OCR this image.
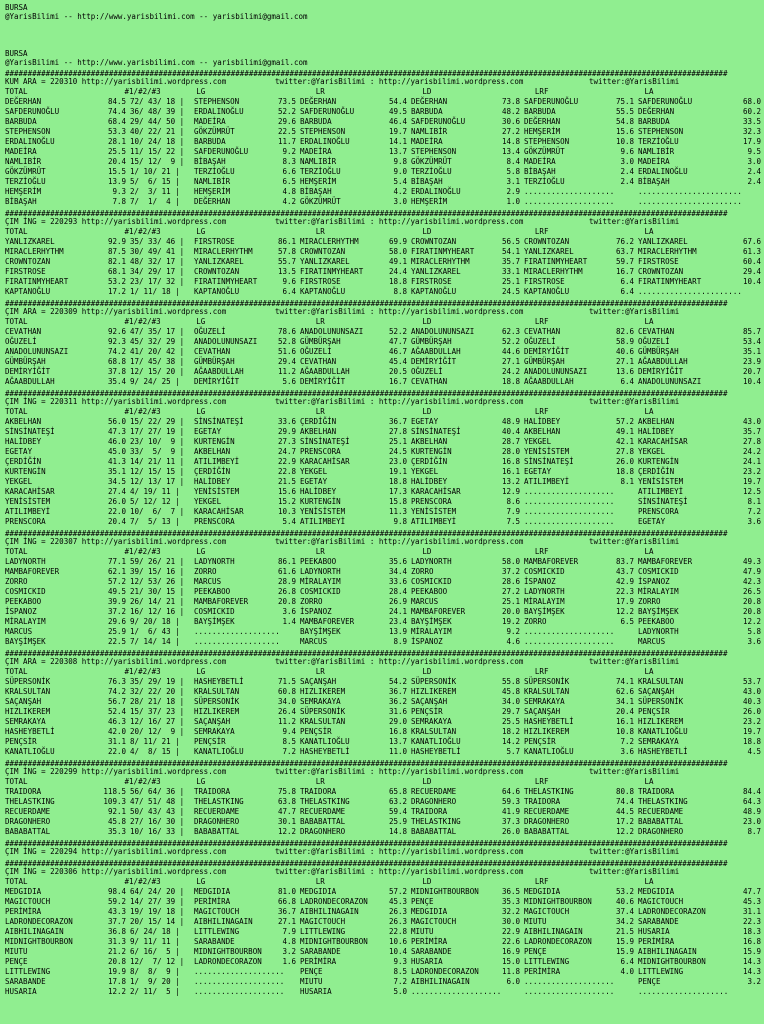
BURSA
@YarisBilimi -- http://www.yarisbilimi.com -- yarisbilimi@gmail.com

BURSA
@YarisBilimi -- http://www.yarisbilimi.com -- yarisbilimi@gmail.com
################################################################################################################################################################
KUM ARA = 220310 http://yarisbilimi.wordpress.com	twitter:@YarisBilimi : http://yarisbilimi.wordpress.com	twitter:@YarisBilimi
TOTAL	#1/#2/#3	LG	LR	LD	LRF	LA
DEĞERHAN	84.5 72/ 43/ 18 |	STEPHENSON	73.5 DEĞERHAN	54.4 DEĞERHAN	73.8 SAFDERUNOĞLU	75.1 SAFDERUNOĞLU	68.0
SAFDERUNOĞLU	74.4 36/ 48/ 39 |	ERDALINOĞLU	52.2 SAFDERUNOĞLU	49.5 BARBUDA	48.2 BARBUDA	55.5 DEĞERHAN	60.2
BARBUDA	68.4 29/ 44/ 50 |	MADEİRA	29.6 BARBUDA	46.4 SAFDERUNOĞLU	30.6 DEĞERHAN	54.8 BARBUDA	33.5
STEPHENSON	53.3 40/ 22/ 21 |	GÖKZÜMRÜT	22.5 STEPHENSON	19.7 NAMLIBİR	27.2 HEMŞERİM	15.6 STEPHENSON	32.3
ERDALINOĞLU	28.1 10/ 24/ 18 |	BARBUDA	11.7 ERDALINOĞLU	14.1 MADEİRA	14.8 STEPHENSON	10.8 TERZİOĞLU	17.9
MADEİRA	25.5 11/ 15/ 22 |	SAFDERUNOĞLU	9.2 MADEİRA	13.7 STEPHENSON	13.4 GÖKZÜMRÜT	9.6 NAMLIBİR	9.5
NAMLIBİR	20.4 15/ 12/  9 |	BİBAŞAH	8.3 NAMLIBİR	9.8 GÖKZÜMRÜT	8.4 MADEİRA	3.0 MADEİRA	3.0
GÖKZÜMRÜT	15.5 1/ 10/ 21 |	TERZİOĞLU	6.6 TERZİOĞLU	9.0 TERZİOĞLU	5.8 BİBAŞAH	2.4 ERDALINOĞLU	2.4
TERZİOĞLU	13.9 5/  6/ 15 |	NAMLIBİR	6.5 HEMŞERİM	5.4 BİBAŞAH	3.1 TERZİOĞLU	2.4 BİBAŞAH	2.4
HEMŞERİM	9.3 2/  3/ 11 |	HEMŞERİM	4.8 BİBAŞAH	4.2 ERDALINOĞLU	2.9 ....................	.......................
BİBAŞAH	7.8 7/  1/  4 |	DEĞERHAN	4.2 GÖKZÜMRÜT	3.0 HEMŞERİM	1.0 ....................	.......................
################################################################################################################################################################
ÇIM İNG = 220293 http://yarisbilimi.wordpress.com	twitter:@YarisBilimi : http://yarisbilimi.wordpress.com	twitter:@YarisBilimi
TOTAL	#1/#2/#3	LG	LR	LD	LRF	LA
YANLIZKAREL	92.9 35/ 33/ 46 |	FIRSTROSE	86.1 MIRACLERHYTHM	69.9 CROWNTOZAN	56.5 CROWNTOZAN	76.2 YANLIZKAREL	67.6
MIRACLERHYTHM	87.5 30/ 49/ 41 |	MIRACLERHYTHM	57.8 CROWNTOZAN	58.0 FIRATINMYHEART	54.1 YANLIZKAREL	63.7 MIRACLERHYTHM	61.3
CROWNTOZAN	82.1 48/ 32/ 17 |	YANLIZKAREL	55.7 YANLIZKAREL	49.1 MIRACLERHYTHM	35.7 FIRATINMYHEART	59.7 FIRSTROSE	60.4
FIRSTROSE	68.1 34/ 29/ 17 |	CROWNTOZAN	13.5 FIRATINMYHEART	24.4 YANLIZKAREL	33.1 MIRACLERHYTHM	16.7 CROWNTOZAN	29.4
FIRATINMYHEART	53.2 23/ 17/ 32 |	FIRATINMYHEART	9.6 FIRSTROSE	18.8 FIRSTROSE	25.1 FIRSTROSE	6.4 FIRATINMYHEART	10.4
KAPTANOĞLU	17.2 1/ 11/ 18 |	KAPTANOĞLU	6.4 KAPTANOĞLU	8.8 KAPTANOĞLU	24.5 KAPTANOĞLU	6.4 .......................
################################################################################################################################################################
ÇIM ARA = 220309 http://yarisbilimi.wordpress.com	twitter:@YarisBilimi : http://yarisbilimi.wordpress.com	twitter:@YarisBilimi
TOTAL	#1/#2/#3	LG	LR	LD	LRF	LA
CEVATHAN	92.6 47/ 35/ 17 |	OĞUZELİ	78.6 ANADOLUNUNSAZI	52.2 ANADOLUNUNSAZI	62.3 CEVATHAN	82.6 CEVATHAN	85.7
OĞUZELİ	92.3 45/ 32/ 29 |	ANADOLUNUNSAZI	52.8 GÜMBÜRŞAH	47.7 GÜMBÜRŞAH	52.2 OĞUZELİ	58.9 OĞUZELİ	53.4
ANADOLUNUNSAZI	74.2 41/ 20/ 42 |	CEVATHAN	51.6 OĞUZELİ	46.7 AĞAABDULLAH	44.6 DEMİRYİĞİT	40.6 GÜMBÜRŞAH	35.1
GÜMBÜRŞAH	68.8 17/ 45/ 38 |	GÜMBÜRŞAH	29.4 CEVATHAN	45.4 DEMİRYİĞİT	27.1 GÜMBÜRŞAH	27.1 AĞAABDULLAH	23.9
DEMİRYİĞİT	37.8 12/ 15/ 20 |	AĞAABDULLAH	11.2 AĞAABDULLAH	20.5 OĞUZELİ	24.2 ANADOLUNUNSAZI	13.6 DEMİRYİĞİT	20.7
AĞAABDULLAH	35.4 9/ 24/ 25 |	DEMİRYİĞİT	5.6 DEMİRYİĞİT	16.7 CEVATHAN	18.8 AĞAABDULLAH	6.4 ANADOLUNUNSAZI	10.4
################################################################################################################################################################
ÇIM İNG = 220311 http://yarisbilimi.wordpress.com	twitter:@YarisBilimi : http://yarisbilimi.wordpress.com	twitter:@YarisBilimi
TOTAL	#1/#2/#3	LG	LR	LD	LRF	LA
AKBELHAN	56.0 15/ 22/ 29 |	SİNSİNATEŞİ	33.6 ÇERDİĞİN	36.7 EGETAY	48.9 HALİDBEY	57.2 AKBELHAN	43.0
SİNSİNATEŞİ	47.3 17/ 27/ 19 |	EGETAY	29.9 AKBELHAN	27.8 SİNSİNATEŞİ	40.4 AKBELHAN	49.1 HALİDBEY	35.7
HALİDBEY	46.0 23/ 10/  9 |	KURTENGİN	27.3 SİNSİNATEŞİ	25.1 AKBELHAN	28.7 YEKGEL	42.1 KARACAHİSAR	27.8
EGETAY	45.0 33/  5/  9 |	AKBELHAN	24.7 PRENSCORA	24.5 KURTENGİN	28.0 YENİSİSTEM	27.8 YEKGEL	24.2
ÇERDİĞİN	41.3 14/ 21/ 11 |	ATILIMBEYİ	22.9 KARACAHİSAR	23.0 ÇERDİĞİN	16.8 SİNSİNATEŞİ	26.0 KURTENGİN	24.1
KURTENGİN	35.1 12/ 15/ 15 |	ÇERDİĞİN	22.8 YEKGEL	19.1 YEKGEL	16.1 EGETAY	18.8 ÇERDİĞİN	23.2
YEKGEL	34.5 12/ 13/ 17 |	HALİDBEY	21.5 EGETAY	18.8 HALİDBEY	13.2 ATILIMBEYİ	8.1 YENİSİSTEM	19.7
KARACAHİSAR	27.4 4/ 19/ 11 |	YENİSİSTEM	15.6 HALİDBEY	17.3 KARACAHİSAR	12.9 ....................	ATILIMBEYİ	12.5
YENİSİSTEM	26.0 5/ 12/ 12 |	YEKGEL	15.2 KURTENGİN	15.8 PRENSCORA	8.6 ....................	SİNSİNATEŞİ	8.1
ATILIMBEYİ	22.0 10/  6/  7 |	KARACAHİSAR	10.3 YENİSİSTEM	11.3 YENİSİSTEM	7.9 ....................	PRENSCORA	7.2
PRENSCORA	20.4 7/  5/ 13 |	PRENSCORA	5.4 ATILIMBEYİ	9.8 ATILIMBEYİ	7.5 ....................	EGETAY	3.6
################################################################################################################################################################
ÇIM İNG = 220307 http://yarisbilimi.wordpress.com	twitter:@YarisBilimi : http://yarisbilimi.wordpress.com	twitter:@YarisBilimi
TOTAL	#1/#2/#3	LG	LR	LD	LRF	LA
LADYNORTH	77.1 59/ 26/ 21 |	LADYNORTH	86.1 PEEKABOO	35.6 LADYNORTH	58.0 MAMBAFOREVER	83.7 MAMBAFOREVER	49.3
MAMBAFOREVER	62.1 39/ 15/ 16 |	ZORRO	61.6 LADYNORTH	34.4 ZORRO	37.2 COSMICKID	43.7 COSMICKID	47.9
ZORRO	57.2 12/ 53/ 26 |	MARCUS	28.9 MİRALAYIM	33.6 COSMICKID	28.6 İSPANOZ	42.9 İSPANOZ	42.3
COSMICKID	49.5 21/ 30/ 15 |	PEEKABOO	26.8 COSMICKID	28.4 PEEKABOO	27.2 LADYNORTH	22.3 MİRALAYIM	26.5
PEEKABOO	39.9 26/ 14/ 21 |	MAMBAFOREVER	20.8 ZORRO	26.9 MARCUS	25.1 MİRALAYIM	17.9 ZORRO	20.8
İSPANOZ	37.2 16/ 12/ 16 |	COSMICKID	3.6 İSPANOZ	24.1 MAMBAFOREVER	20.0 BAYŞİMŞEK	12.2 BAYŞİMŞEK	20.8
MİRALAYIM	29.6 9/ 20/ 18 |	BAYŞİMŞEK	1.4 MAMBAFOREVER	23.4 BAYŞİMŞEK	19.2 ZORRO	6.5 PEEKABOO	12.2
MARCUS	25.9 1/  6/ 43 |	...................	BAYŞİMŞEK	13.9 MİRALAYIM	9.2 ....................	LADYNORTH	5.8
BAYŞİMŞEK	22.5 7/ 14/ 14 |	...................	MARCUS	8.9 İSPANOZ	4.6 ....................	MARCUS	3.6
################################################################################################################################################################
ÇIM ARA = 220308 http://yarisbilimi.wordpress.com	twitter:@YarisBilimi : http://yarisbilimi.wordpress.com	twitter:@YarisBilimi
TOTAL	#1/#2/#3	LG	LR	LD	LRF	LA
SÜPERSONİK	76.3 35/ 29/ 19 |	HASHEYBETLİ	71.5 SAÇANŞAH	54.2 SÜPERSONİK	55.8 SÜPERSONİK	74.1 KRALSULTAN	53.7
KRALSULTAN	74.2 32/ 22/ 20 |	KRALSULTAN	60.8 HIZLIKEREM	36.7 HIZLIKEREM	45.8 KRALSULTAN	62.6 SAÇANŞAH	43.0
SAÇANŞAH	56.7 28/ 21/ 18 |	SÜPERSONİK	34.0 SEMRAKAYA	36.2 SAÇANŞAH	34.0 SEMRAKAYA	34.1 SÜPERSONİK	40.3
HIZLIKEREM	52.4 15/ 37/ 23 |	HIZLIKEREM	26.4 SÜPERSONİK	31.6 PENÇSİR	29.7 SAÇANŞAH	20.4 PENÇSİR	26.0
SEMRAKAYA	46.3 12/ 16/ 27 |	SAÇANŞAH	11.2 KRALSULTAN	29.0 SEMRAKAYA	25.5 HASHEYBETLİ	16.1 HIZLIKEREM	23.2
HASHEYBETLİ	42.0 20/ 12/  9 |	SEMRAKAYA	9.4 PENÇSİR	16.8 KRALSULTAN	18.2 HIZLIKEREM	10.8 KANATLIOĞLU	19.7
PENÇSİR	31.1 8/ 11/ 21 |	PENÇSİR	8.5 KANATLIOĞLU	13.7 KANATLIOĞLU	14.2 PENÇSİR	7.2 SEMRAKAYA	18.8
KANATLIOĞLU	22.0 4/  8/ 15 |	KANATLIOĞLU	7.2 HASHEYBETLİ	11.0 HASHEYBETLİ	5.7 KANATLIOĞLU	3.6 HASHEYBETLİ	4.5
################################################################################################################################################################
ÇIM İNG = 220299 http://yarisbilimi.wordpress.com	twitter:@YarisBilimi : http://yarisbilimi.wordpress.com	twitter:@YarisBilimi
TOTAL	#1/#2/#3	LG	LR	LD	LRF	LA
TRAIDORA	118.5 56/ 64/ 36 |	TRAIDORA	75.8 TRAIDORA	65.8 RECUERDAME	64.6 THELASTKING	80.8 TRAIDORA	84.4
THELASTKING	109.3 47/ 51/ 48 |	THELASTKING	63.8 THELASTKING	63.2 DRAGONHERO	59.3 TRAIDORA	74.4 THELASTKING	64.3
RECUERDAME	92.1 50/ 43/ 43 |	RECUERDAME	47.7 RECUERDAME	59.4 TRAIDORA	41.9 RECUERDAME	44.5 RECUERDAME	48.9
DRAGONHERO	45.8 27/ 16/ 30 |	DRAGONHERO	30.1 BABABATTAL	25.9 THELASTKING	37.3 DRAGONHERO	17.2 BABABATTAL	23.0
BABABATTAL	35.3 10/ 16/ 33 |	BABABATTAL	12.2 DRAGONHERO	14.8 BABABATTAL	26.0 BABABATTAL	12.2 DRAGONHERO	8.7
################################################################################################################################################################
ÇIM İNG = 220294 http://yarisbilimi.wordpress.com	twitter:@YarisBilimi : http://yarisbilimi.wordpress.com	twitter:@YarisBilimi
################################################################################################################################################################
ÇIM İNG = 220306 http://yarisbilimi.wordpress.com	twitter:@YarisBilimi : http://yarisbilimi.wordpress.com	twitter:@YarisBilimi
TOTAL	#1/#2/#3	LG	LR	LD	LRF	LA
MEDGIDIA	98.4 64/ 24/ 20 |	MEDGIDIA	81.0 MEDGIDIA	57.2 MIDNIGHTBOURBON	36.5 MEDGIDIA	53.2 MEDGIDIA	47.7
MAGICTOUCH	59.2 14/ 27/ 39 |	PERİMİRA	66.8 LADRONDECORAZON	45.3 PENÇE	35.3 MIDNIGHTBOURBON	40.6 MAGICTOUCH	45.3
PERİMİRA	43.3 19/ 19/ 18 |	MAGICTOUCH	36.7 AIBHILINAGAIN	26.3 MEDGIDIA	32.2 MAGICTOUCH	37.4 LADRONDECORAZON	31.1
LADRONDECORAZON	37.7 20/ 15/ 14 |	AIBHILINAGAIN	27.1 MAGICTOUCH	26.3 MAGICTOUCH	30.0 MIUTU	34.2 SARABANDE	22.3
AIBHILINAGAIN	36.8 6/ 24/ 18 |	LITTLEWING	7.9 LITTLEWING	22.8 MIUTU	22.9 AIBHILINAGAIN	21.5 HUSARIA	18.3
MIDNIGHTBOURBON	31.3 9/ 11/ 11 |	SARABANDE	4.8 MIDNIGHTBOURBON	10.6 PERİMİRA	22.6 LADRONDECORAZON	15.9 PERİMİRA	16.8
MIUTU	21.2 6/ 16/  5 |	MIDNIGHTBOURBON	3.2 SARABANDE	10.4 SARABANDE	16.9 PENÇE	15.9 AIBHILINAGAIN	15.9
PENÇE	20.8 12/  7/ 12 |	LADRONDECORAZON	1.6 PERİMİRA	9.3 HUSARIA	15.0 LITTLEWING	6.4 MIDNIGHTBOURBON	14.3
LITTLEWING	19.9 8/  8/  9 |	....................	PENÇE	8.5 LADRONDECORAZON	11.8 PERİMİRA	4.0 LITTLEWING	14.3
SARABANDE	17.8 1/  9/ 20 |	....................	MIUTU	7.2 AIBHILINAGAIN	6.0 ....................	PENÇE	3.2
HUSARIA	12.2 2/ 11/  5 |	....................	HUSARIA	5.0 ....................	....................	....................
